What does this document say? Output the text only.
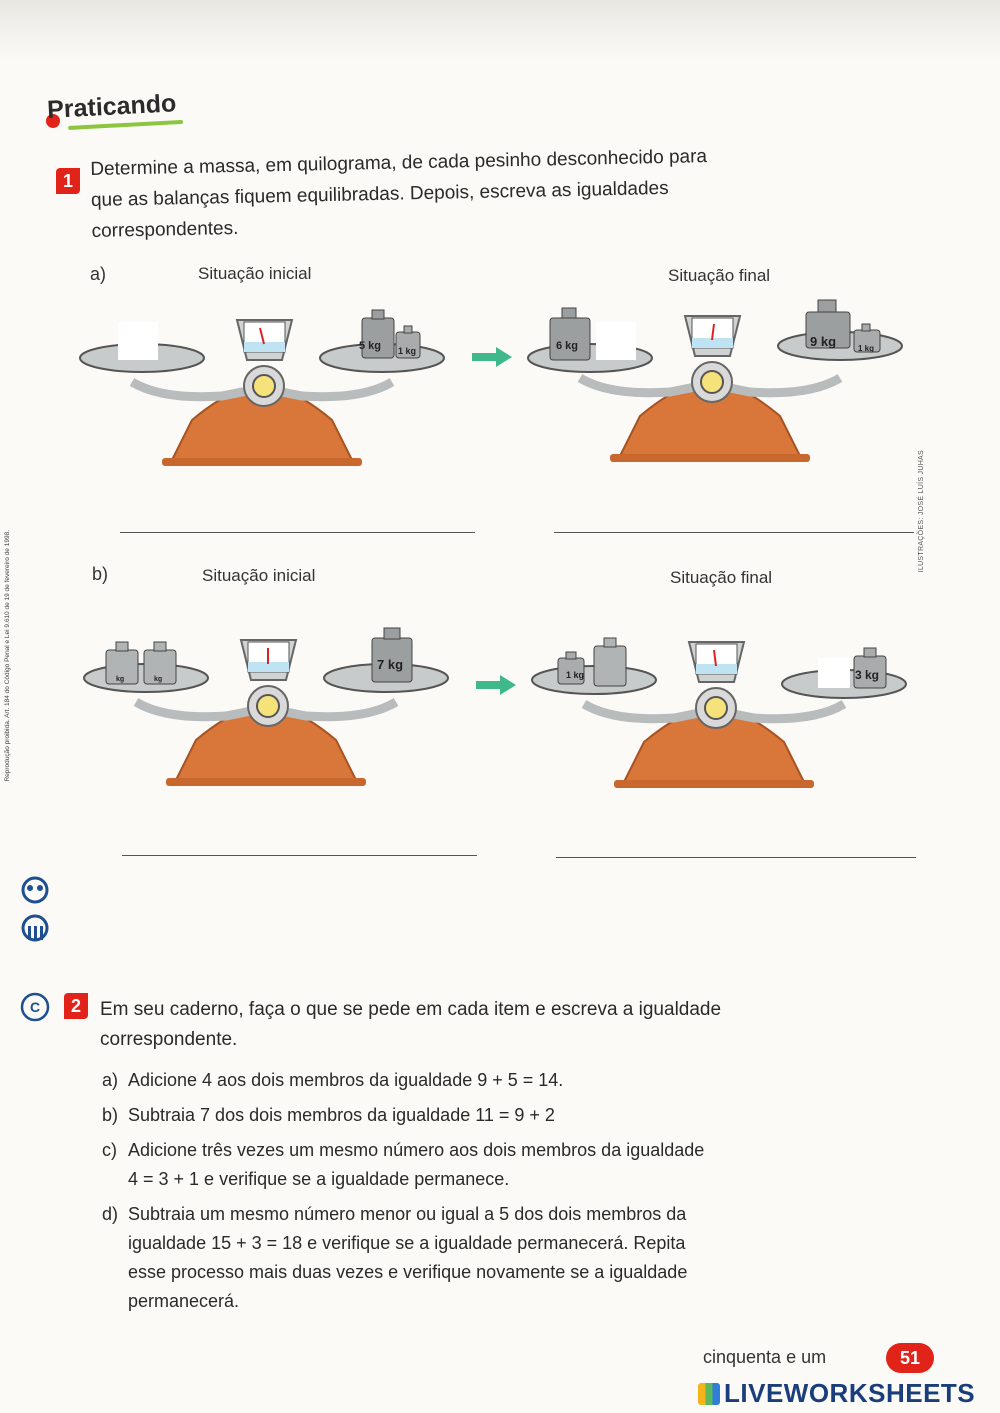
Praticando
1
Determine a massa, em quilograma, de cada pesinho desconhecido para
que as balanças fiquem equilibradas. Depois, escreva as igualdades
correspondentes.
a)	Situação inicial	Situação final
5 kg 1 kg	6 kg	9 kg	1 kg
b)	Situação inicial	Situação final
kg	kg
7 kg
1 kg	3 kg
ILUSTRAÇÕES: JOSÉ LUÍS JUHAS
Reprodução proibida. Art. 184 do Código Penal e Lei 9.610 de 19 de fevereiro de 1998.
C	2	Em seu caderno, faça o que se pede em cada item e escreva a igualdade
correspondente.
a) Adicione 4 aos dois membros da igualdade 9 + 5 = 14.
b) Subtraia 7 dos dois membros da igualdade 11 = 9 + 2
c) Adicione três vezes um mesmo número aos dois membros da igualdade
4 = 3 + 1 e verifique se a igualdade permanece.
d) Subtraia um mesmo número menor ou igual a 5 dos dois membros da
igualdade 15 + 3 = 18 e verifique se a igualdade permanecerá. Repita
esse processo mais duas vezes e verifique novamente se a igualdade
permanecerá.
cinquenta e um	51
LIVEWORKSHEETS
